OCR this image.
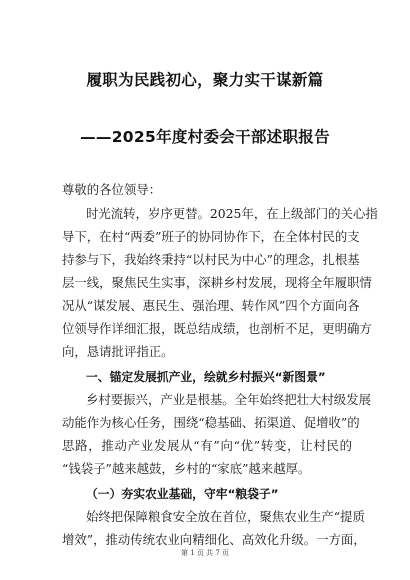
履职为民践初心，聚力实干谋新篇
——2025年度村委会干部述职报告
尊敬的各位领导：
时光流转，岁序更替。2025年，在上级部门的关心指
导下，在村“两委”班子的协同协作下，在全体村民的支
持参与下，我始终秉持“以村民为中心”的理念，扎根基
层一线，聚焦民生实事，深耕乡村发展，现将全年履职情
况从“谋发展、惠民生、强治理、转作风”四个方面向各
位领导作详细汇报，既总结成绩，也剖析不足，更明确方
向，恳请批评指正。
一、锚定发展抓产业，绘就乡村振兴“新图景”
乡村要振兴，产业是根基。全年始终把壮大村级发展
动能作为核心任务，围绕“稳基础、拓渠道、促增收”的
思路，推动产业发展从“有”向“优”转变，让村民的
“钱袋子”越来越鼓，乡村的“家底”越来越厚。
（一）夯实农业基础，守牢“粮袋子”
始终把保障粮食安全放在首位，聚焦农业生产“提质
增效”，推动传统农业向精细化、高效化升级。一方面，
第 1 页 共 7 页
